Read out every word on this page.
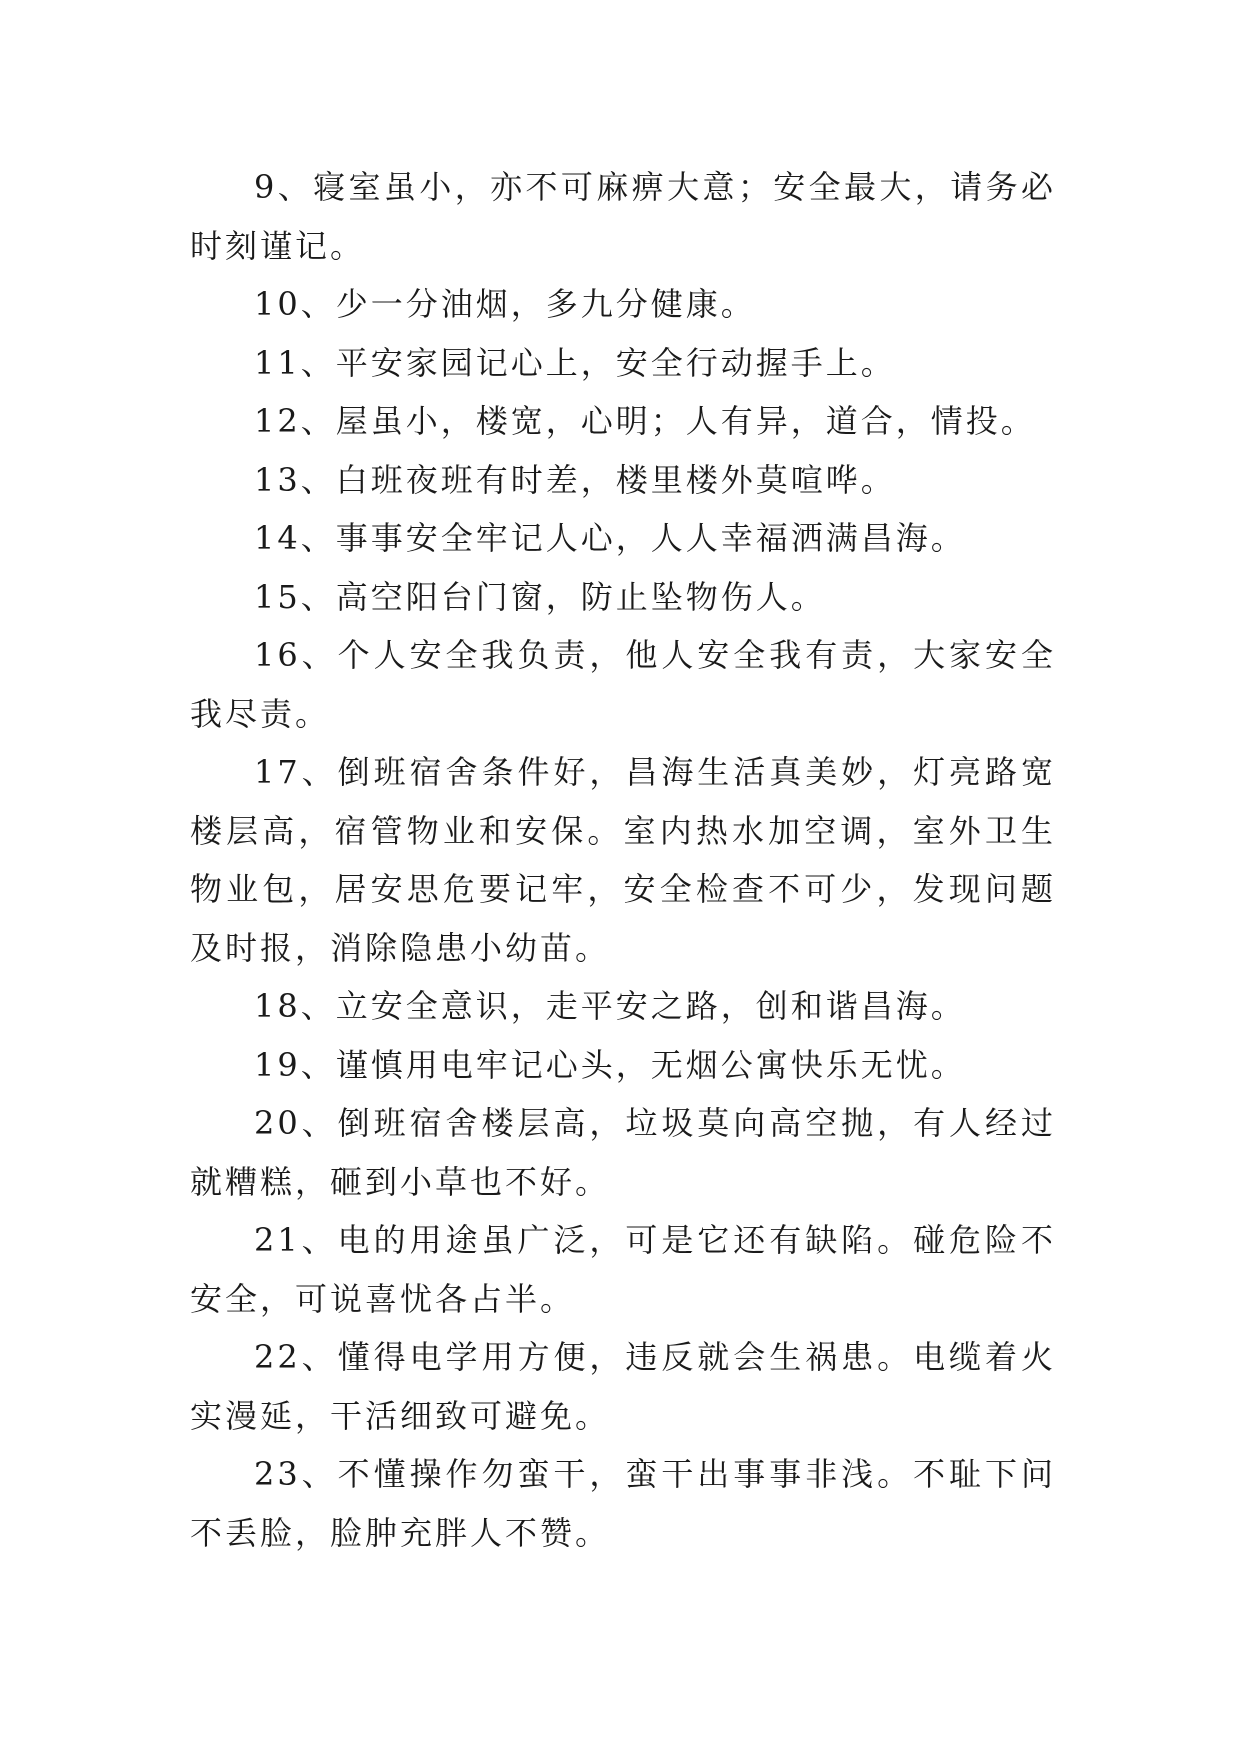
9、寝室虽小，亦不可麻痹大意；安全最大，请务必时刻谨记。

10、少一分油烟，多九分健康。

11、平安家园记心上，安全行动握手上。

12、屋虽小，楼宽，心明；人有异，道合，情投。

13、白班夜班有时差，楼里楼外莫喧哗。

14、事事安全牢记人心，人人幸福洒满昌海。

15、高空阳台门窗，防止坠物伤人。

16、个人安全我负责，他人安全我有责，大家安全我尽责。

17、倒班宿舍条件好，昌海生活真美妙，灯亮路宽楼层高，宿管物业和安保。室内热水加空调，室外卫生物业包，居安思危要记牢，安全检查不可少，发现问题及时报，消除隐患小幼苗。

18、立安全意识，走平安之路，创和谐昌海。

19、谨慎用电牢记心头，无烟公寓快乐无忧。

20、倒班宿舍楼层高，垃圾莫向高空抛，有人经过就糟糕，砸到小草也不好。

21、电的用途虽广泛，可是它还有缺陷。碰危险不安全，可说喜忧各占半。

22、懂得电学用方便，违反就会生祸患。电缆着火实漫延，干活细致可避免。

23、不懂操作勿蛮干，蛮干出事事非浅。不耻下问不丢脸，脸肿充胖人不赞。
